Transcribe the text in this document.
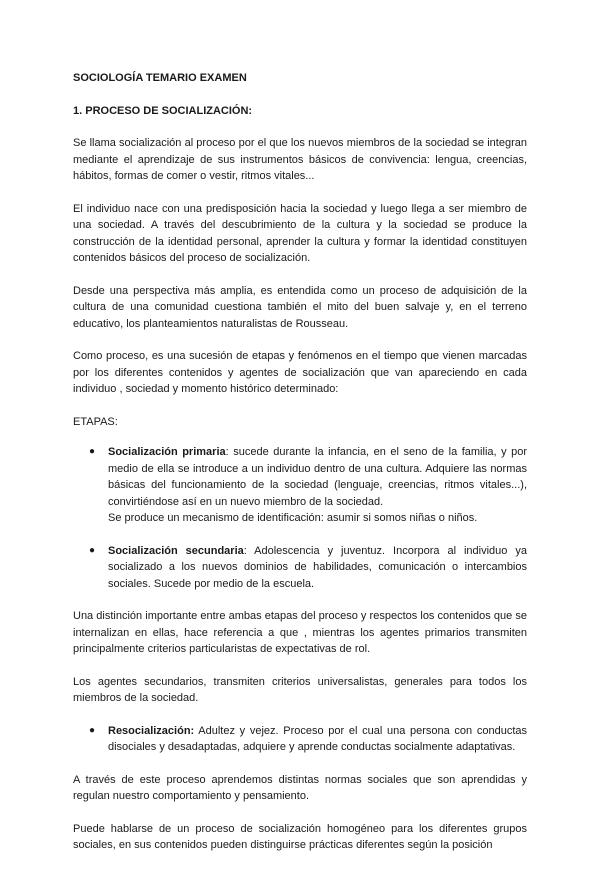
SOCIOLOGÍA TEMARIO EXAMEN
1. PROCESO DE SOCIALIZACIÓN:

Se llama socialización al proceso por el que los nuevos miembros de la sociedad se integran mediante el aprendizaje de sus instrumentos básicos de convivencia: lengua, creencias, hábitos, formas de comer o vestir, ritmos vitales...

El individuo nace con una predisposición hacia la sociedad y luego llega a ser miembro de una sociedad. A través del descubrimiento de la cultura y la sociedad se produce la construcción de la identidad personal, aprender la cultura y formar la identidad constituyen contenidos básicos del proceso de socialización.

Desde una perspectiva más amplia, es entendida como un proceso de adquisición de la cultura de una comunidad cuestiona también el mito del buen salvaje y, en el terreno educativo, los planteamientos naturalistas de Rousseau.

Como proceso, es una sucesión de etapas y fenómenos en el tiempo que vienen marcadas por los diferentes contenidos y agentes de socialización que van apareciendo en cada individuo , sociedad y momento histórico determinado:

ETAPAS:
● Socialización primaria: sucede durante la infancia, en el seno de la familia, y por medio de ella se introduce a un individuo dentro de una cultura. Adquiere las normas básicas del funcionamiento de la sociedad (lenguaje, creencias, ritmos vitales...), convirtiéndose así en un nuevo miembro de la sociedad.
Se produce un mecanismo de identificación: asumir si somos niñas o niños.
● Socialización secundaria: Adolescencia y juventuz. Incorpora al individuo ya socializado a los nuevos dominios de habilidades, comunicación o intercambios sociales. Sucede por medio de la escuela.

Una distinción importante entre ambas etapas del proceso y respectos los contenidos que se internalizan en ellas, hace referencia a que , mientras los agentes primarios transmiten principalmente criterios particularistas de expectativas de rol.

Los agentes secundarios, transmiten criterios universalistas, generales para todos los miembros de la sociedad.

● Resocialización: Adultez y vejez. Proceso por el cual una persona con conductas disociales y desadaptadas, adquiere y aprende conductas socialmente adaptativas.

A través de este proceso aprendemos distintas normas sociales que son aprendidas y regulan nuestro comportamiento y pensamiento.

Puede hablarse de un proceso de socialización homogéneo para los diferentes grupos sociales, en sus contenidos pueden distinguirse prácticas diferentes según la posición
